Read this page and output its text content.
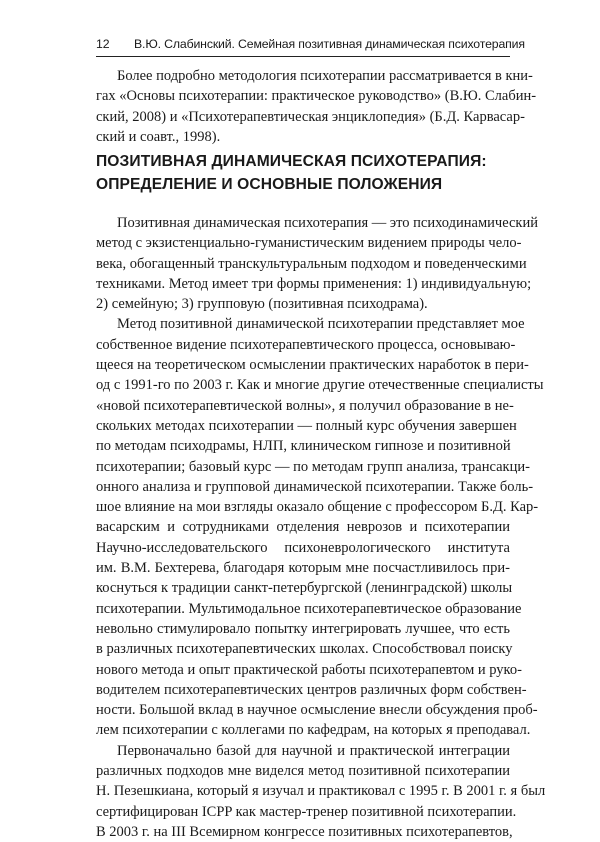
12 В.Ю. Слабинский. Семейная позитивная динамическая психотерапия
Более подробно методология психотерапии рассматривается в кни-
гах «Основы психотерапии: практическое руководство» (В.Ю. Слабин-
ский, 2008) и «Психотерапевтическая энциклопедия» (Б.Д. Карвасар-
ский и соавт., 1998).
ПОЗИТИВНАЯ ДИНАМИЧЕСКАЯ ПСИХОТЕРАПИЯ:
ОПРЕДЕЛЕНИЕ И ОСНОВНЫЕ ПОЛОЖЕНИЯ
Позитивная динамическая психотерапия — это психодинамический
метод с экзистенциально-гуманистическим видением природы чело-
века, обогащенный транскультуральным подходом и поведенческими
техниками. Метод имеет три формы применения: 1) индивидуальную;
2) семейную; 3) групповую (позитивная психодрама).
Метод позитивной динамической психотерапии представляет мое
собственное видение психотерапевтического процесса, основываю-
щееся на теоретическом осмыслении практических наработок в пери-
од с 1991-го по 2003 г. Как и многие другие отечественные специалисты
«новой психотерапевтической волны», я получил образование в не-
скольких методах психотерапии — полный курс обучения завершен
по методам психодрамы, НЛП, клиническом гипнозе и позитивной
психотерапии; базовый курс — по методам групп анализа, трансакци-
онного анализа и групповой динамической психотерапии. Также боль-
шое влияние на мои взгляды оказало общение с профессором Б.Д. Кар-
васарским и сотрудниками отделения неврозов и психотерапии
Научно-исследовательского психоневрологического института
им. В.М. Бехтерева, благодаря которым мне посчастливилось при-
коснуться к традиции санкт-петербургской (ленинградской) школы
психотерапии. Мультимодальное психотерапевтическое образование
невольно стимулировало попытку интегрировать лучшее, что есть
в различных психотерапевтических школах. Способствовал поиску
нового метода и опыт практической работы психотерапевтом и руко-
водителем психотерапевтических центров различных форм собствен-
ности. Большой вклад в научное осмысление внесли обсуждения проб-
лем психотерапии с коллегами по кафедрам, на которых я преподавал.
Первоначально базой для научной и практической интеграции
различных подходов мне виделся метод позитивной психотерапии
Н. Пезешкиана, который я изучал и практиковал с 1995 г. В 2001 г. я был
сертифицирован ICPP как мастер-тренер позитивной психотерапии.
В 2003 г. на III Всемирном конгрессе позитивных психотерапевтов,
